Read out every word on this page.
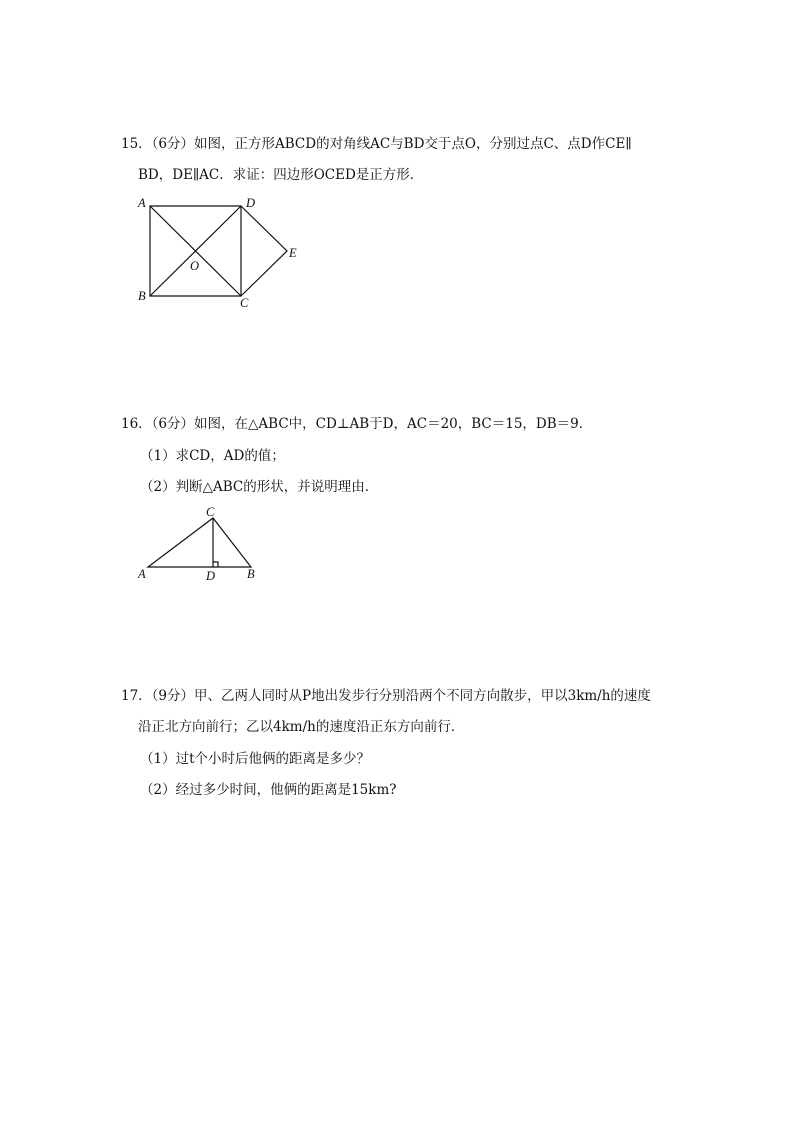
15．（6分）如图，正方形ABCD的对角线AC与BD交于点O，分别过点C、点D作CE∥
BD，DE∥AC．求证：四边形OCED是正方形．
A	D
E
O
B	C
16．（6分）如图，在△ABC中，CD⊥AB于D，AC＝20，BC＝15，DB＝9．
（1）求CD，AD的值；
（2）判断△ABC的形状，并说明理由．
C
A	D	B
17．（9分）甲、乙两人同时从P地出发步行分别沿两个不同方向散步，甲以3km/h的速度
沿正北方向前行；乙以4km/h的速度沿正东方向前行．
（1）过t个小时后他俩的距离是多少？
（2）经过多少时间，他俩的距离是15km?
